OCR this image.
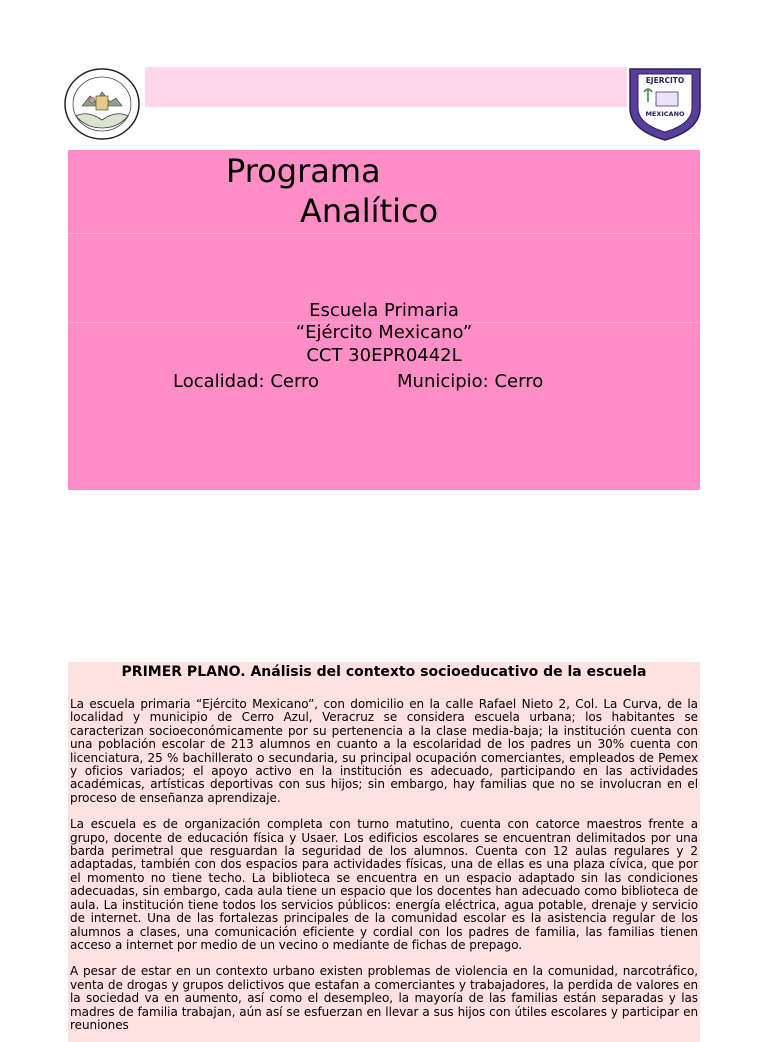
EJERCITO
MEXICANO
Programa
Analítico
Escuela Primaria
“Ejército Mexicano”
CCT 30EPR0442L
Localidad: Cerro	Municipio: Cerro
PRIMER PLANO. Análisis del contexto socioeducativo de la escuela

La escuela primaria “Ejército Mexicano”, con domicilio en la calle Rafael Nieto 2, Col. La Curva, de la localidad y municipio de Cerro Azul, Veracruz se considera escuela urbana; los habitantes se caracterizan socioeconómicamente por su pertenencia a la clase media-baja; la institución cuenta con una población escolar de 213 alumnos en cuanto a la escolaridad de los padres un 30% cuenta con licenciatura, 25 % bachillerato o secundaria, su principal ocupación comerciantes, empleados de Pemex y oficios variados; el apoyo activo en la institución es adecuado, participando en las actividades académicas, artísticas deportivas con sus hijos; sin embargo, hay familias que no se involucran en el proceso de enseñanza aprendizaje.

La escuela es de organización completa con turno matutino, cuenta con catorce maestros frente a grupo, docente de educación física y Usaer. Los edificios escolares se encuentran delimitados por una barda perimetral que resguardan la seguridad de los alumnos. Cuenta con 12 aulas regulares y 2 adaptadas, también con dos espacios para actividades físicas, una de ellas es una plaza cívica, que por el momento no tiene techo. La biblioteca se encuentra en un espacio adaptado sin las condiciones adecuadas, sin embargo, cada aula tiene un espacio que los docentes han adecuado como biblioteca de aula. La institución tiene todos los servicios públicos: energía eléctrica, agua potable, drenaje y servicio de internet. Una de las fortalezas principales de la comunidad escolar es la asistencia regular de los alumnos a clases, una comunicación eficiente y cordial con los padres de familia, las familias tienen acceso a internet por medio de un vecino o mediante de fichas de prepago.

A pesar de estar en un contexto urbano existen problemas de violencia en la comunidad, narcotráfico, venta de drogas y grupos delictivos que estafan a comerciantes y trabajadores, la perdida de valores en la sociedad va en aumento, así como el desempleo, la mayoría de las familias están separadas y las madres de familia trabajan, aún así se esfuerzan en llevar a sus hijos con útiles escolares y participar en reuniones
